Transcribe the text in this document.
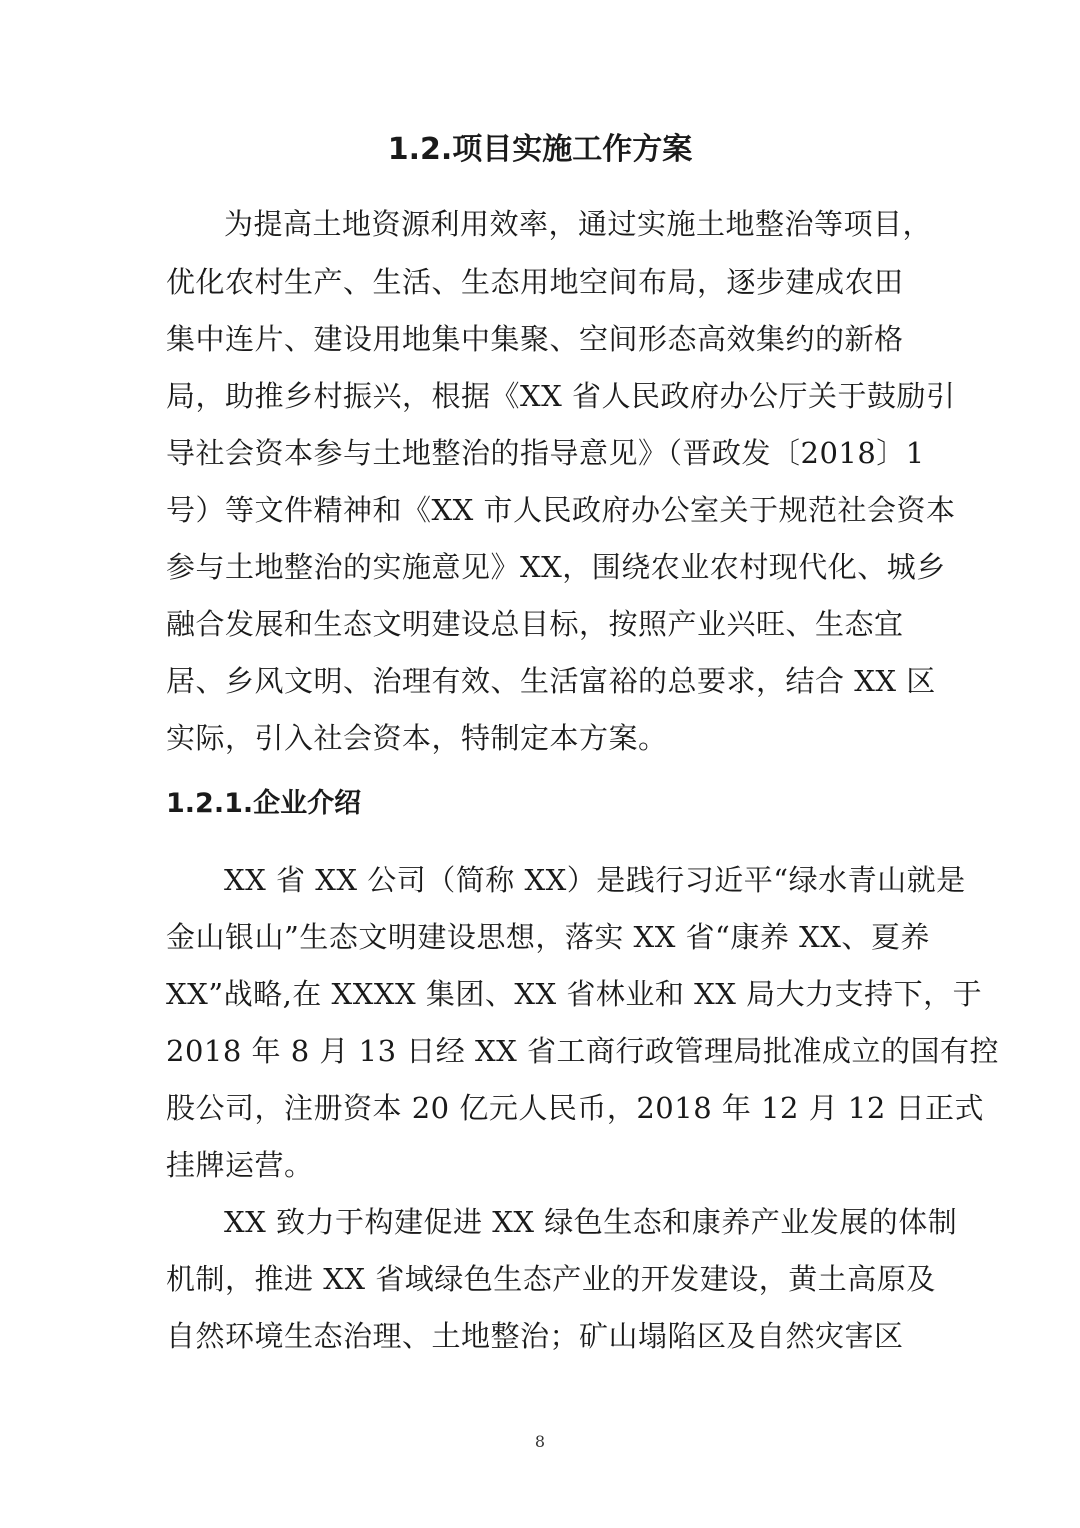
1.2.项目实施工作方案
为提高土地资源利用效率，通过实施土地整治等项目，
优化农村生产、生活、生态用地空间布局，逐步建成农田
集中连片、建设用地集中集聚、空间形态高效集约的新格
局，助推乡村振兴，根据《XX 省人民政府办公厅关于鼓励引
导社会资本参与土地整治的指导意见》（晋政发〔2018〕1
号）等文件精神和《XX 市人民政府办公室关于规范社会资本
参与土地整治的实施意见》XX，围绕农业农村现代化、城乡
融合发展和生态文明建设总目标，按照产业兴旺、生态宜
居、乡风文明、治理有效、生活富裕的总要求，结合 XX 区
实际，引入社会资本，特制定本方案。
1.2.1.企业介绍
XX 省 XX 公司（简称 XX）是践行习近平“绿水青山就是
金山银山”生态文明建设思想，落实 XX 省“康养 XX、夏养
XX”战略,在 XXXX 集团、XX 省林业和 XX 局大力支持下，于
2018 年 8 月 13 日经 XX 省工商行政管理局批准成立的国有控
股公司，注册资本 20 亿元人民币，2018 年 12 月 12 日正式
挂牌运营。
XX 致力于构建促进 XX 绿色生态和康养产业发展的体制
机制，推进 XX 省域绿色生态产业的开发建设，黄土高原及
自然环境生态治理、土地整治；矿山塌陷区及自然灾害区
8
